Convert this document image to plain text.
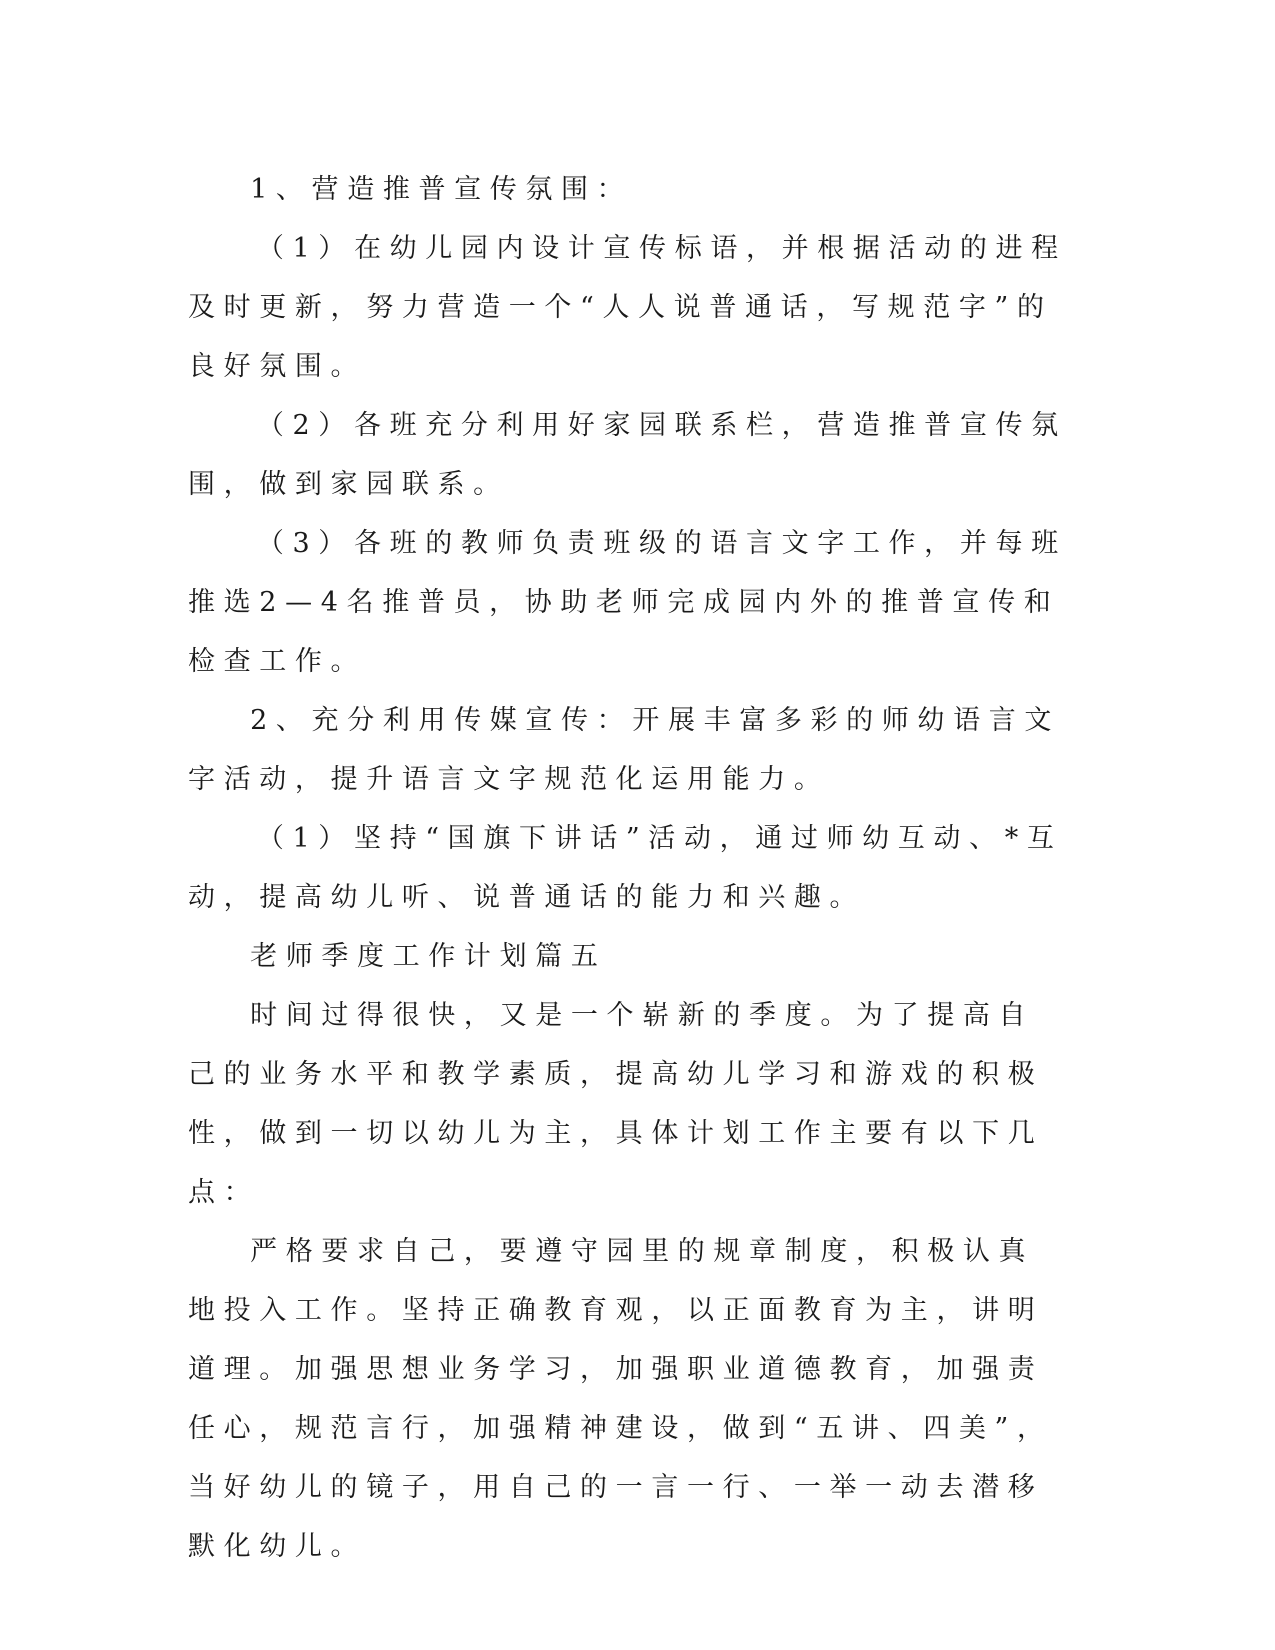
1、营造推普宣传氛围：

（1）在幼儿园内设计宣传标语，并根据活动的进程及时更新，努力营造一个“人人说普通话，写规范字”的良好氛围。

（2）各班充分利用好家园联系栏，营造推普宣传氛围，做到家园联系。

（3）各班的教师负责班级的语言文字工作，并每班推选2—4名推普员，协助老师完成园内外的推普宣传和检查工作。

2、充分利用传媒宣传：开展丰富多彩的师幼语言文字活动，提升语言文字规范化运用能力。

（1）坚持“国旗下讲话”活动，通过师幼互动、*互动，提高幼儿听、说普通话的能力和兴趣。

老师季度工作计划篇五

时间过得很快，又是一个崭新的季度。为了提高自己的业务水平和教学素质，提高幼儿学习和游戏的积极性，做到一切以幼儿为主，具体计划工作主要有以下几点：

严格要求自己，要遵守园里的规章制度，积极认真地投入工作。坚持正确教育观，以正面教育为主，讲明道理。加强思想业务学习，加强职业道德教育，加强责任心，规范言行，加强精神建设，做到“五讲、四美”，当好幼儿的镜子，用自己的一言一行、一举一动去潜移默化幼儿。
